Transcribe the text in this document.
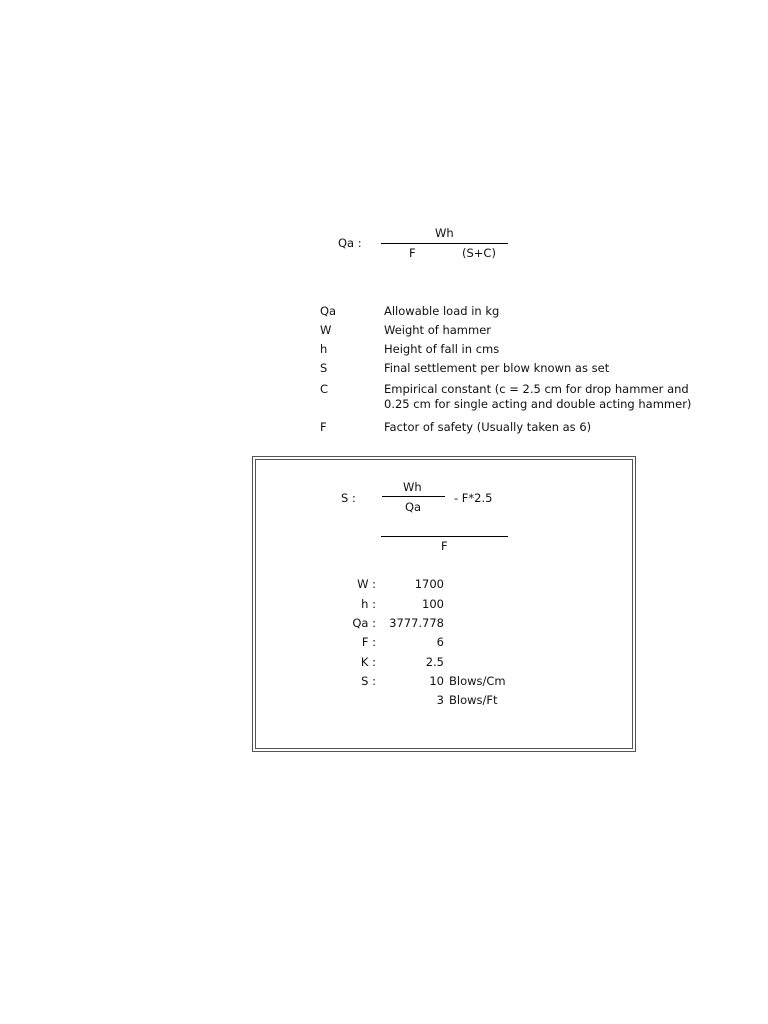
Qa :
Wh
F	(S+C)
Qa	Allowable load in kg
W	Weight of hammer
h	Height of fall in cms
S	Final settlement per blow known as set
C	Empirical constant (c = 2.5 cm for drop hammer and 0.25 cm for single acting and double acting hammer)
F	Factor of safety (Usually taken as 6)
S :
Wh
Qa
- F*2.5
F
W :	1700
h :	100
Qa :	3777.778
F :	6
K :	2.5
S :	10 Blows/Cm
3 Blows/Ft
